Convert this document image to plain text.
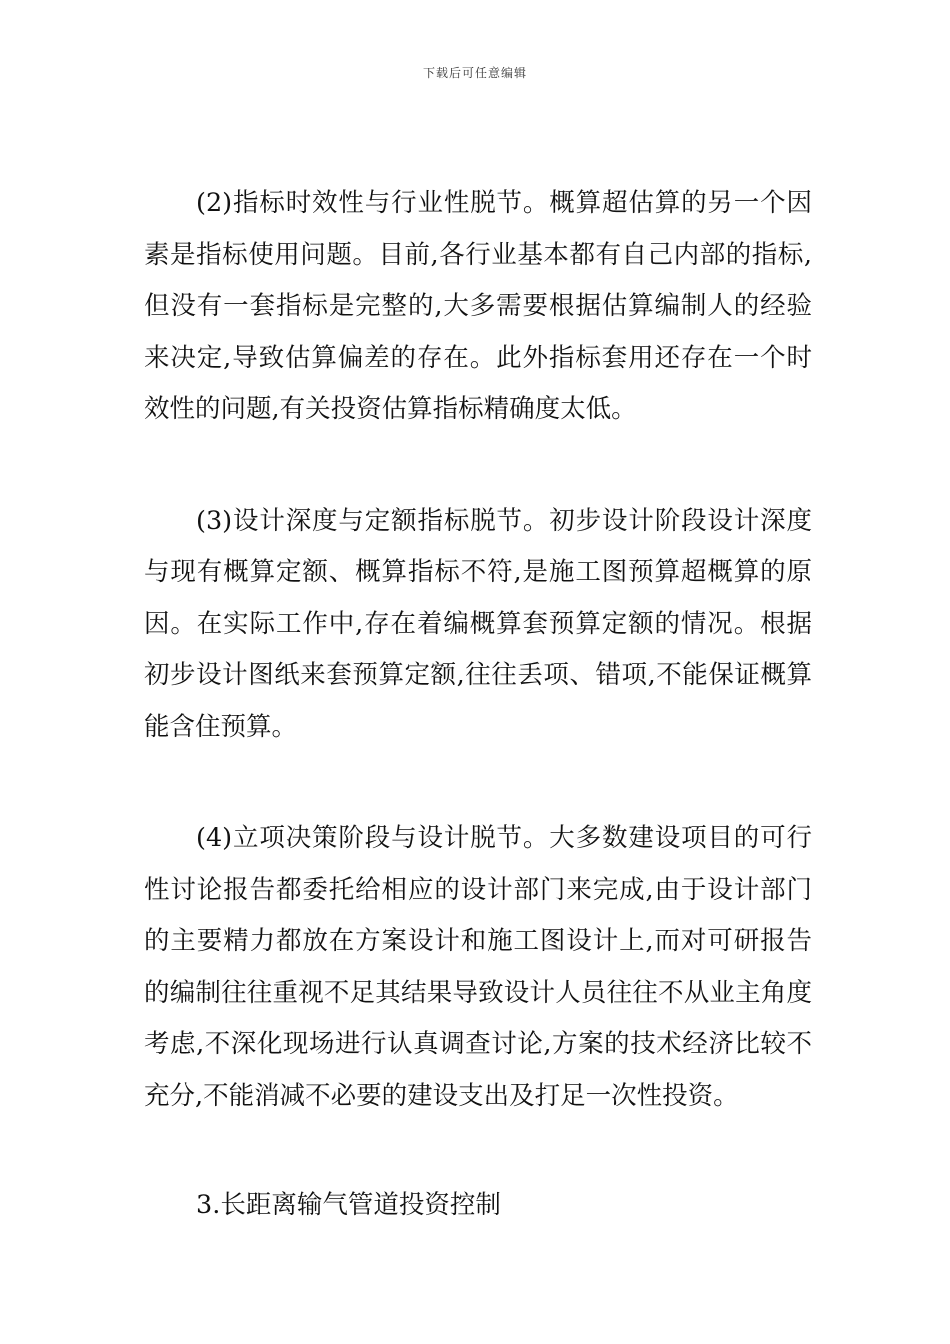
下载后可任意编辑

(2)指标时效性与行业性脱节。概算超估算的另一个因素是指标使用问题。目前,各行业基本都有自己内部的指标,但没有一套指标是完整的,大多需要根据估算编制人的经验来决定,导致估算偏差的存在。此外指标套用还存在一个时效性的问题,有关投资估算指标精确度太低。

(3)设计深度与定额指标脱节。初步设计阶段设计深度与现有概算定额、概算指标不符,是施工图预算超概算的原因。在实际工作中,存在着编概算套预算定额的情况。根据初步设计图纸来套预算定额,往往丢项、错项,不能保证概算能含住预算。

(4)立项决策阶段与设计脱节。大多数建设项目的可行性讨论报告都委托给相应的设计部门来完成,由于设计部门的主要精力都放在方案设计和施工图设计上,而对可研报告的编制往往重视不足其结果导致设计人员往往不从业主角度考虑,不深化现场进行认真调查讨论,方案的技术经济比较不充分,不能消减不必要的建设支出及打足一次性投资。

3.长距离输气管道投资控制
